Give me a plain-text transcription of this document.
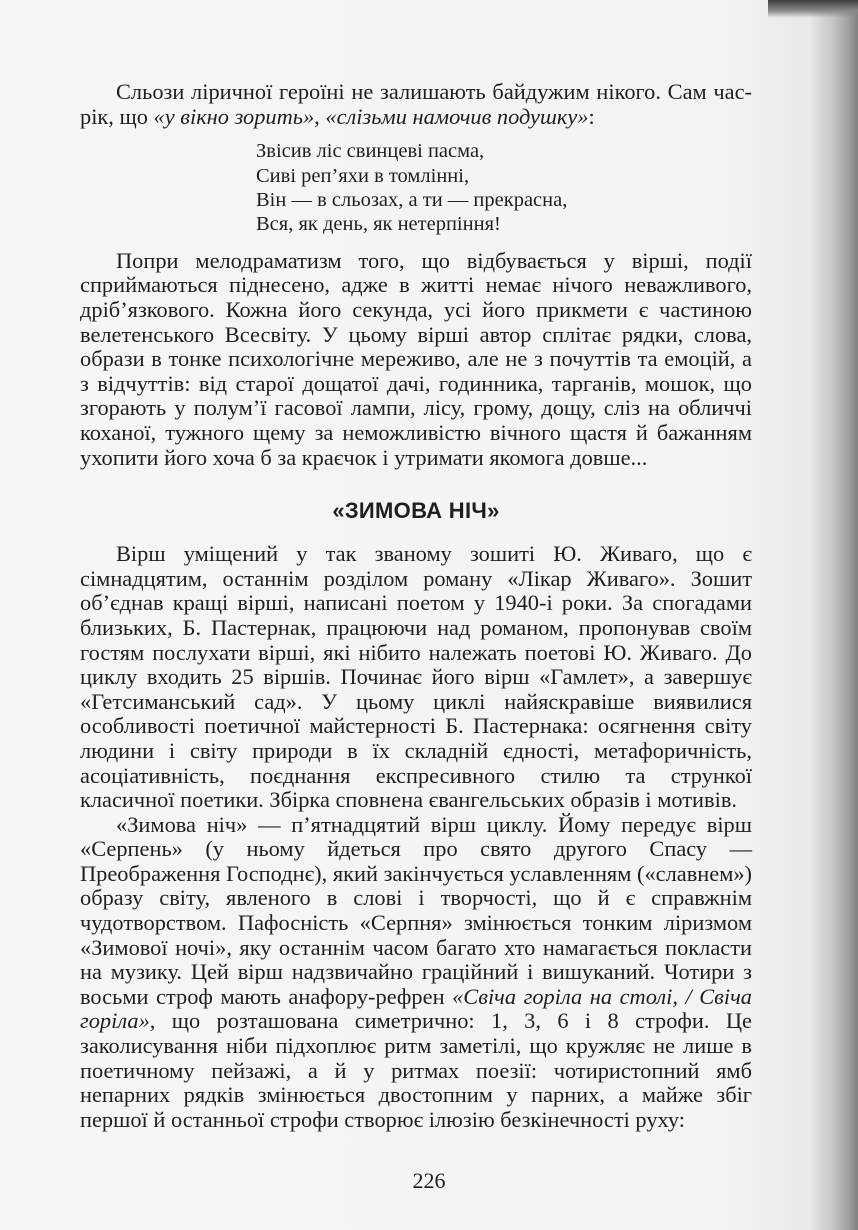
Сльози ліричної героїні не залишають байдужим нікого. Сам час-рік, що «у вікно зорить», «слізьми намочив подушку»:

Звісив ліс свинцеві пасма,
Сиві реп’яхи в томлінні,
Він — в сльозах, а ти — прекрасна,
Вся, як день, як нетерпіння!

Попри мелодраматизм того, що відбувається у вірші, події сприймаються піднесено, адже в житті немає нічого неважливого, дріб’язкового. Кожна його секунда, усі його прикмети є частиною велетенського Всесвіту. У цьому вірші автор сплітає рядки, слова, образи в тонке психологічне мереживо, але не з почуттів та емоцій, а з відчуттів: від старої дощатої дачі, годинника, тарганів, мошок, що згорають у полум’ї гасової лампи, лісу, грому, дощу, сліз на обличчі коханої, тужного щему за неможливістю вічного щастя й бажанням ухопити його хоча б за краєчок і утримати якомога довше...

«ЗИМОВА НІЧ»

Вірш уміщений у так званому зошиті Ю. Живаго, що є сімнадцятим, останнім розділом роману «Лікар Живаго». Зошит об’єднав кращі вірші, написані поетом у 1940-і роки. За спогадами близьких, Б. Пастернак, працюючи над романом, пропонував своїм гостям послухати вірші, які нібито належать поетові Ю. Живаго. До циклу входить 25 віршів. Починає його вірш «Гамлет», а завершує «Гетсиманський сад». У цьому циклі найяскравіше виявилися особливості поетичної майстерності Б. Пастернака: осягнення світу людини і світу природи в їх складній єдності, метафоричність, асоціативність, поєднання експресивного стилю та стрункої класичної поетики. Збірка сповнена євангельських образів і мотивів.

«Зимова ніч» — п’ятнадцятий вірш циклу. Йому передує вірш «Серпень» (у ньому йдеться про свято другого Спасу — Преображення Господнє), який закінчується уславленням («славнем») образу світу, явленого в слові і творчості, що й є справжнім чудотворством. Пафосність «Серпня» змінюється тонким ліризмом «Зимової ночі», яку останнім часом багато хто намагається покласти на музику. Цей вірш надзвичайно граційний і вишуканий. Чотири з восьми строф мають анафору-рефрен «Свіча горіла на столі, / Свіча горіла», що розташована симетрично: 1, 3, 6 і 8 строфи. Це заколисування ніби підхоплює ритм заметілі, що кружляє не лише в поетичному пейзажі, а й у ритмах поезії: чотиристопний ямб непарних рядків змінюється двостопним у парних, а майже збіг першої й останньої строфи створює ілюзію безкінечності руху:

226
